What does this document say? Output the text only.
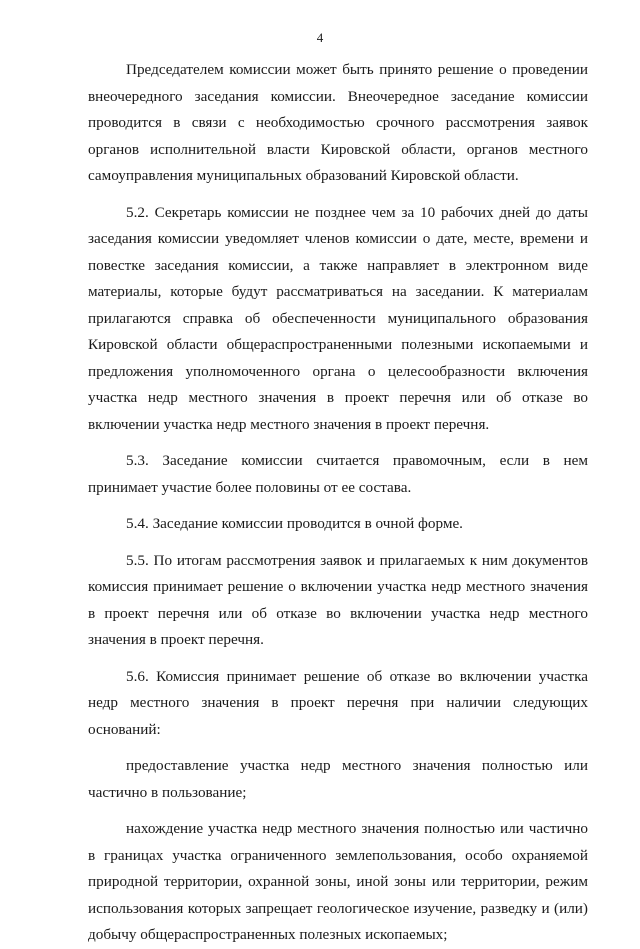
4

Председателем комиссии может быть принято решение о проведении внеочередного заседания комиссии. Внеочередное заседание комиссии проводится в связи с необходимостью срочного рассмотрения заявок органов исполнительной власти Кировской области, органов местного самоуправления муниципальных образований Кировской области.

5.2. Секретарь комиссии не позднее чем за 10 рабочих дней до даты заседания комиссии уведомляет членов комиссии о дате, месте, времени и повестке заседания комиссии, а также направляет в электронном виде материалы, которые будут рассматриваться на заседании. К материалам прилагаются справка об обеспеченности муниципального образования Кировской области общераспространенными полезными ископаемыми и предложения уполномоченного органа о целесообразности включения участка недр местного значения в проект перечня или об отказе во включении участка недр местного значения в проект перечня.

5.3. Заседание комиссии считается правомочным, если в нем принимает участие более половины от ее состава.

5.4. Заседание комиссии проводится в очной форме.

5.5. По итогам рассмотрения заявок и прилагаемых к ним документов комиссия принимает решение о включении участка недр местного значения в проект перечня или об отказе во включении участка недр местного значения в проект перечня.

5.6. Комиссия принимает решение об отказе во включении участка недр местного значения в проект перечня при наличии следующих оснований:

предоставление участка недр местного значения полностью или частично в пользование;

нахождение участка недр местного значения полностью или частично в границах участка ограниченного землепользования, особо охраняемой природной территории, охранной зоны, иной зоны или территории, режим использования которых запрещает геологическое изучение, разведку и (или) добычу общераспространенных полезных ископаемых;
